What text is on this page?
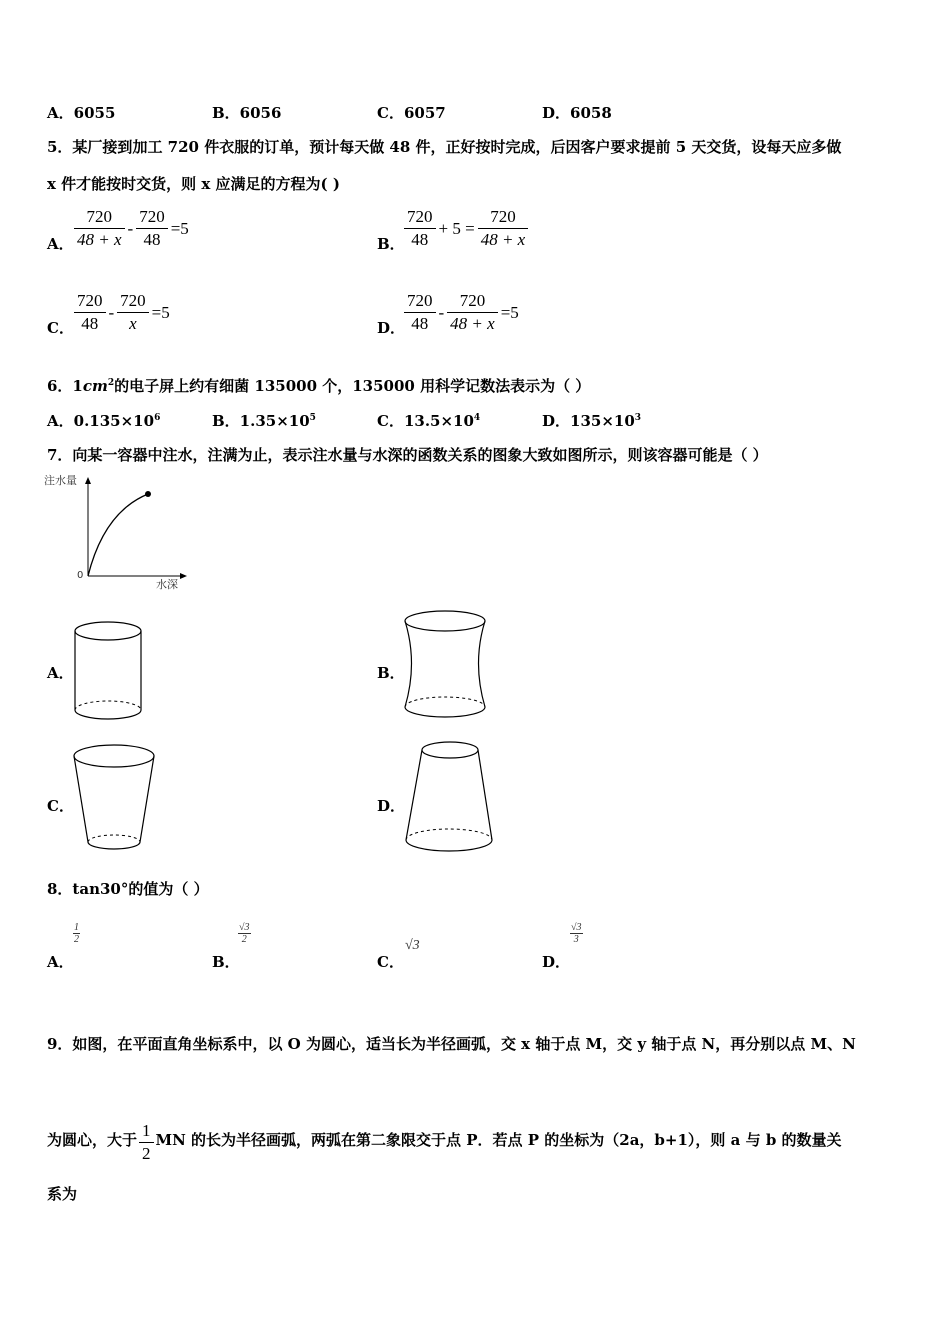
A．6055	B．6056	C．6057	D．6058
5．某厂接到加工 720 件衣服的订单，预计每天做 48 件，正好按时完成，后因客户要求提前 5 天交货，设每天应多做
x 件才能按时交货，则 x 应满足的方程为( )
A． $\frac{720}{48 + x} - \frac{720}{48} =5$
B． $\frac{720}{48} + 5 = \frac{720}{48 + x}$
C． $\frac{720}{48} - \frac{720}{x} =5$
D．
$\frac{720}{48} - \frac{720}{48 + x} =5$
6．$1cm^2$的电子屏上约有细菌 135000 个，135000 用科学记数法表示为（ ）
A．$0.135\times 10^6$	B．$1.35\times 10^5$	C．$13.5\times 10^4$	D．$135\times 10^3$
7．向某一容器中注水，注满为止，表示注水量与水深的函数关系的图象大致如图所示，则该容器可能是（ ）
注水量
水深
0
A．	B．
C．	D．
8．tan30°的值为（ ）
A．
$\frac{1}{2}$
B．
$\frac{√3}{2}$
C．
√3
D．
$\frac{√3}{3}$
9．如图，在平面直角坐标系中，以 O 为圆心，适当长为半径画弧，交 x 轴于点 M，交 y 轴于点 N，再分别以点 M、N
为圆心，大于 $\frac{1}{2}$ MN 的长为半径画弧，两弧在第二象限交于点 P．若点 P 的坐标为（2a，b+1），则 a 与 b 的数量关
系为
